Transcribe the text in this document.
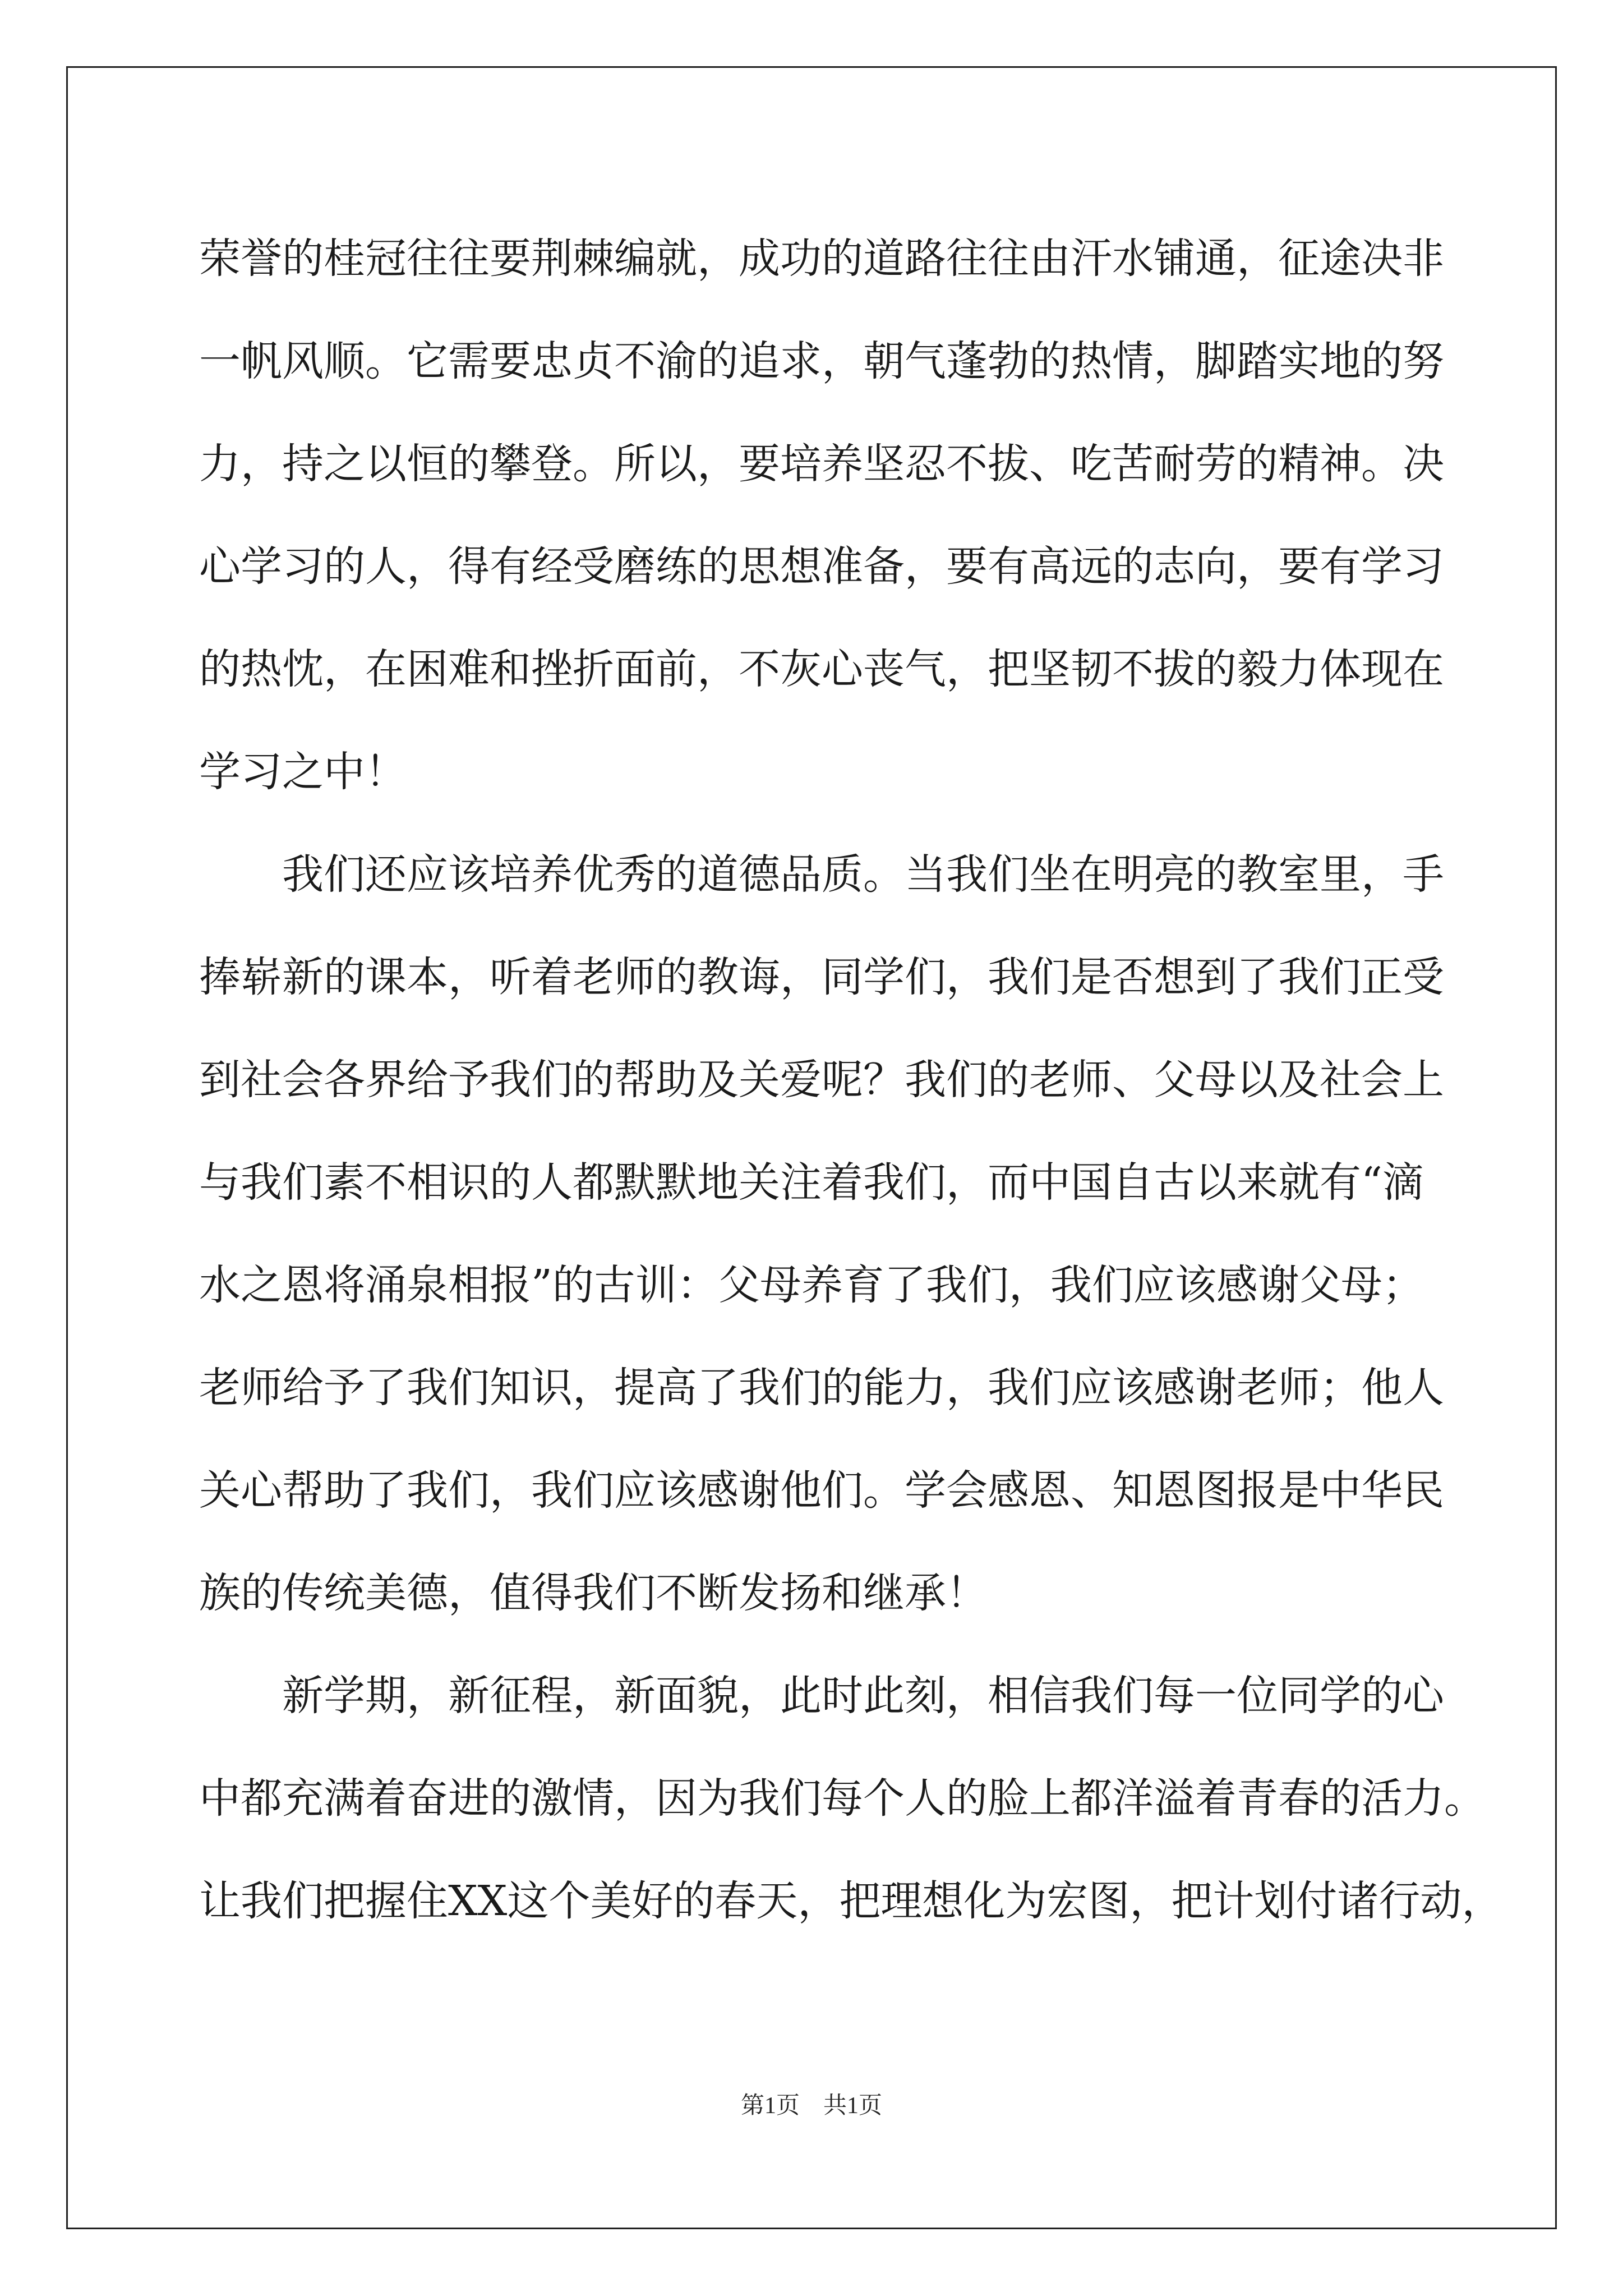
荣誉的桂冠往往要荆棘编就，成功的道路往往由汗水铺通，征途决非
一帆风顺。它需要忠贞不渝的追求，朝气蓬勃的热情，脚踏实地的努
力，持之以恒的攀登。所以，要培养坚忍不拔、吃苦耐劳的精神。决
心学习的人，得有经受磨练的思想准备，要有高远的志向，要有学习
的热忱，在困难和挫折面前，不灰心丧气，把坚韧不拔的毅力体现在
学习之中！
我们还应该培养优秀的道德品质。当我们坐在明亮的教室里，手
捧崭新的课本，听着老师的教诲，同学们，我们是否想到了我们正受
到社会各界给予我们的帮助及关爱呢？我们的老师、父母以及社会上
与我们素不相识的人都默默地关注着我们，而中国自古以来就有“滴
水之恩将涌泉相报”的古训：父母养育了我们，我们应该感谢父母；
老师给予了我们知识，提高了我们的能力，我们应该感谢老师；他人
关心帮助了我们，我们应该感谢他们。学会感恩、知恩图报是中华民
族的传统美德，值得我们不断发扬和继承！
新学期，新征程，新面貌，此时此刻，相信我们每一位同学的心
中都充满着奋进的激情，因为我们每个人的脸上都洋溢着青春的活力。
让我们把握住XX这个美好的春天，把理想化为宏图，把计划付诸行动，
第1页　共1页
